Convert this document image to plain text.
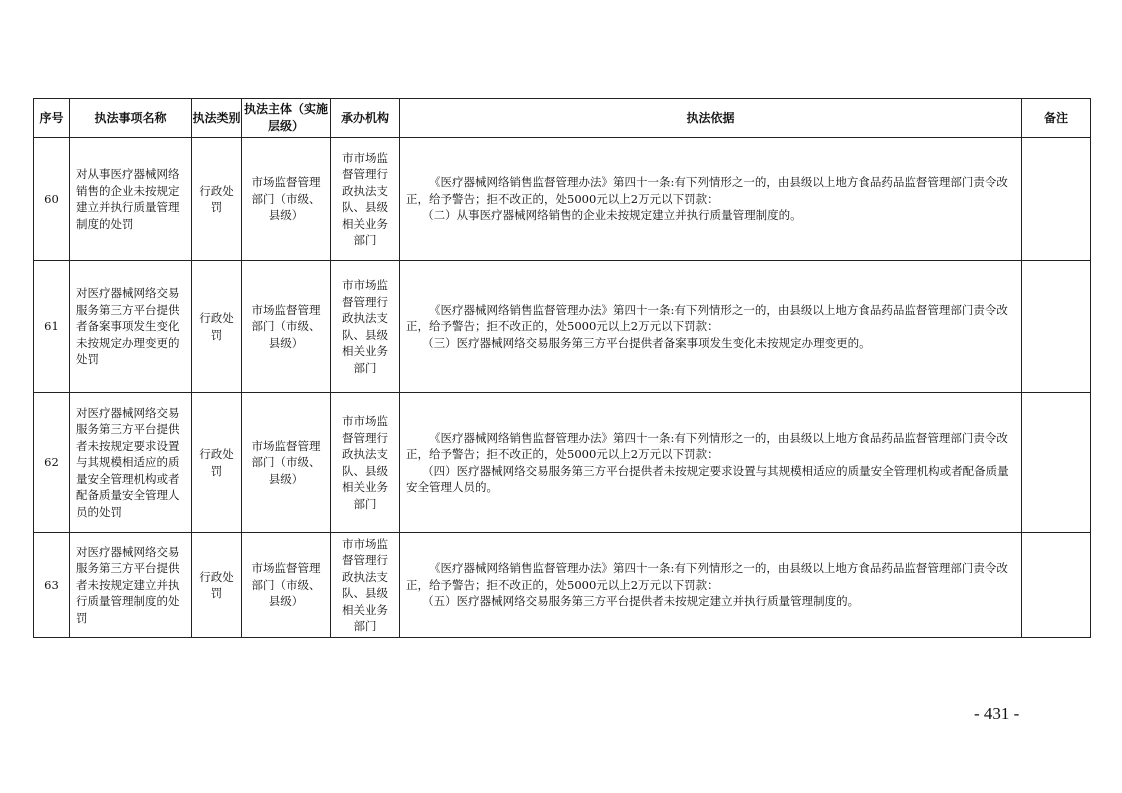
序号	执法事项名称	执法类别	执法主体（实施层级）	承办机构	执法依据	备注
60	对从事医疗器械网络销售的企业未按规定建立并执行质量管理制度的处罚	行政处罚	市场监督管理部门（市级、县级）	市市场监督管理行政执法支队、县级相关业务部门	《医疗器械网络销售监督管理办法》第四十一条:有下列情形之一的，由县级以上地方食品药品监督管理部门责令改正，给予警告；拒不改正的，处5000元以上2万元以下罚款：
（二）从事医疗器械网络销售的企业未按规定建立并执行质量管理制度的。	

61	对医疗器械网络交易服务第三方平台提供者备案事项发生变化未按规定办理变更的处罚	行政处罚	市场监督管理部门（市级、县级）	市市场监督管理行政执法支队、县级相关业务部门	《医疗器械网络销售监督管理办法》第四十一条:有下列情形之一的，由县级以上地方食品药品监督管理部门责令改正，给予警告；拒不改正的，处5000元以上2万元以下罚款：
（三）医疗器械网络交易服务第三方平台提供者备案事项发生变化未按规定办理变更的。	

62	对医疗器械网络交易服务第三方平台提供者未按规定要求设置与其规模相适应的质量安全管理机构或者配备质量安全管理人员的处罚	行政处罚	市场监督管理部门（市级、县级）	市市场监督管理行政执法支队、县级相关业务部门	《医疗器械网络销售监督管理办法》第四十一条:有下列情形之一的，由县级以上地方食品药品监督管理部门责令改正，给予警告；拒不改正的，处5000元以上2万元以下罚款：
（四）医疗器械网络交易服务第三方平台提供者未按规定要求设置与其规模相适应的质量安全管理机构或者配备质量安全管理人员的。	

63	对医疗器械网络交易服务第三方平台提供者未按规定建立并执行质量管理制度的处罚	行政处罚	市场监督管理部门（市级、县级）	市市场监督管理行政执法支队、县级相关业务部门	《医疗器械网络销售监督管理办法》第四十一条:有下列情形之一的，由县级以上地方食品药品监督管理部门责令改正，给予警告；拒不改正的，处5000元以上2万元以下罚款：
（五）医疗器械网络交易服务第三方平台提供者未按规定建立并执行质量管理制度的。	

- 431 -
